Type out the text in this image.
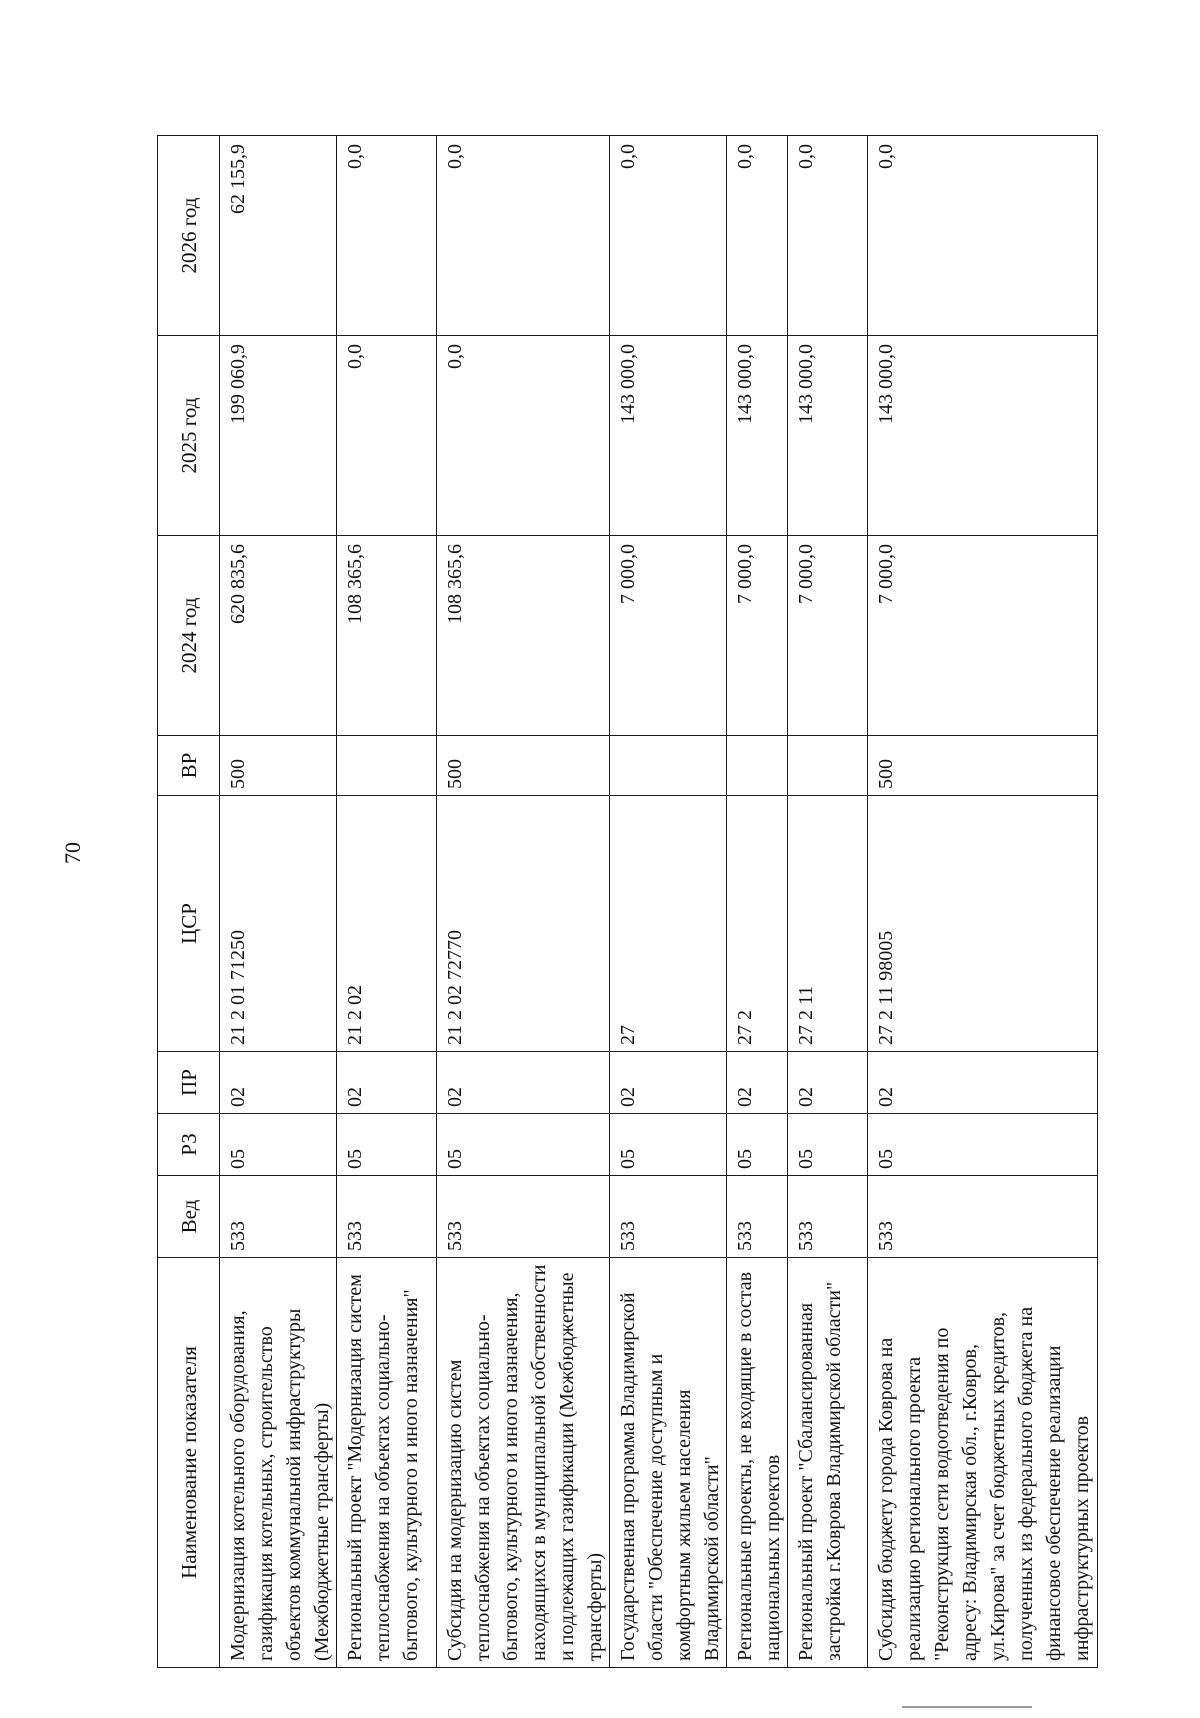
70
Наименование показателя	Вед	РЗ	ПР	ЦСР	ВР	2024 год	2025 год	2026 год
Модернизация котельного оборудования, газификация котельных, строительство объектов коммунальной инфраструктуры (Межбюджетные трансферты)	533	05	02	21 2 01 71250	500	620 835,6	199 060,9	62 155,9
Региональный проект "Модернизация систем теплоснабжения на объектах социально-бытового, культурного и иного назначения"	533	05	02	21 2 02		108 365,6	0,0	0,0
Субсидия на модернизацию систем теплоснабжения на объектах социально-бытового, культурного и иного назначения, находящихся в муниципальной собственности и подлежащих газификации (Межбюджетные трансферты)	533	05	02	21 2 02 72770	500	108 365,6	0,0	0,0
Государственная программа Владимирской области "Обеспечение доступным и комфортным жильем населения Владимирской области"	533	05	02	27		7 000,0	143 000,0	0,0
Региональные проекты, не входящие в состав национальных проектов	533	05	02	27 2		7 000,0	143 000,0	0,0
Региональный проект "Сбалансированная застройка г.Коврова Владимирской области"	533	05	02	27 2 11		7 000,0	143 000,0	0,0
Субсидия бюджету города Коврова на реализацию регионального проекта "Реконструкция сети водоотведения по адресу: Владимирская обл., г.Ковров, ул.Кирова" за счет бюджетных кредитов, полученных из федерального бюджета на финансовое обеспечение реализации инфраструктурных проектов	533	05	02	27 2 11 98005	500	7 000,0	143 000,0	0,0
